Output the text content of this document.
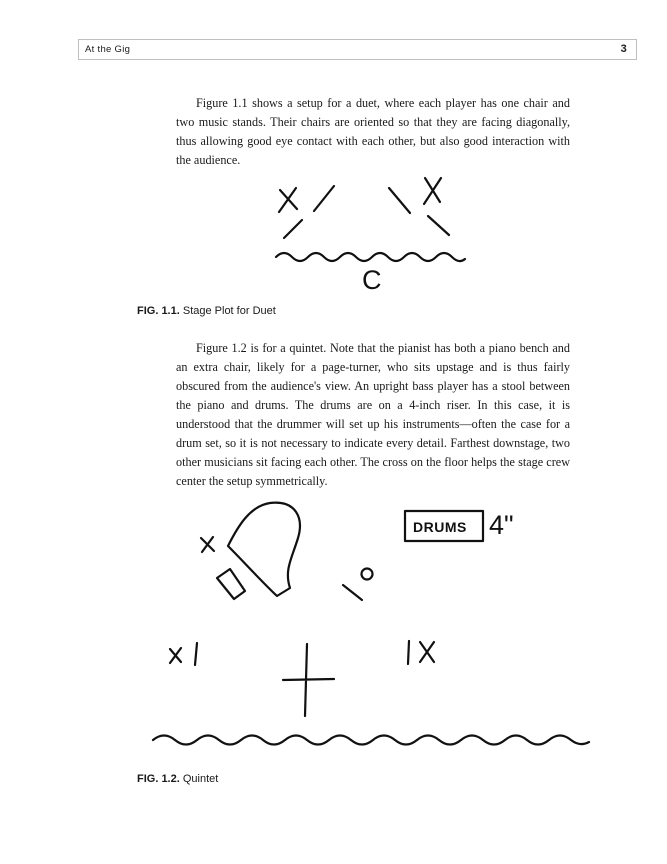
At the Gig	3

Figure 1.1 shows a setup for a duet, where each player has one chair and two music stands. Their chairs are oriented so that they are facing diagonally, thus allowing good eye contact with each other, but also good interaction with the audience.

C
DRUMS 4"
FIG. 1.1. Stage Plot for Duet

Figure 1.2 is for a quintet. Note that the pianist has both a piano bench and an extra chair, likely for a page-turner, who sits upstage and is thus fairly obscured from the audience's view. An upright bass player has a stool between the piano and drums. The drums are on a 4-inch riser. In this case, it is understood that the drummer will set up his instruments—often the case for a drum set, so it is not necessary to indicate every detail. Farthest downstage, two other musicians sit facing each other. The cross on the floor helps the stage crew center the setup symmetrically.

FIG. 1.2. Quintet
